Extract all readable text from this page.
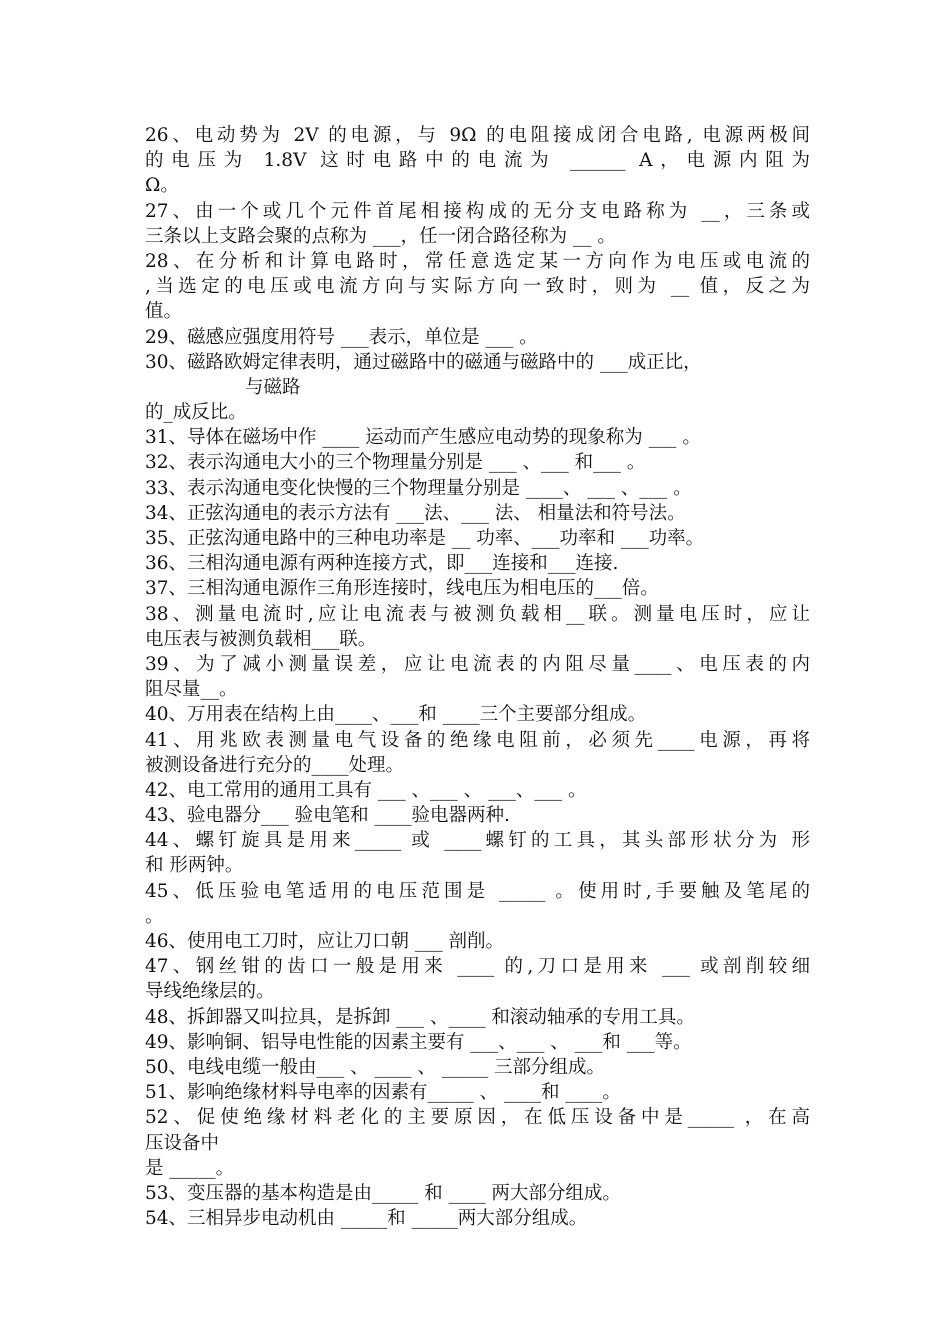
26、电动势为 2V 的电源，与 9Ω 的电阻接成闭合电路, 电源两极间
的电压为 1.8V 这时电路中的电流为 ______ A，电源内阻为
Ω。
27、由一个或几个元件首尾相接构成的无分支电路称为 __，三条或
三条以上支路会聚的点称为 ___，任一闭合路径称为 __ 。
28、在分析和计算电路时，常任意选定某一方向作为电压或电流的
,当选定的电压或电流方向与实际方向一致时，则为 __ 值，反之为
值。
29、磁感应强度用符号 ___表示，单位是 ___ 。
30、磁路欧姆定律表明，通过磁路中的磁通与磁路中的 ___成正比，
与磁路
的_成反比。
31、导体在磁场中作 ____ 运动而产生感应电动势的现象称为 ___ 。
32、表示沟通电大小的三个物理量分别是 ___ 、___ 和___ 。
33、表示沟通电变化快慢的三个物理量分别是 ____、 ___ 、___ 。
34、正弦沟通电的表示方法有 ___法、___ 法、 相量法和符号法。
35、正弦沟通电路中的三种电功率是 __ 功率、___功率和 ___功率。
36、三相沟通电源有两种连接方式，即___连接和___连接.
37、三相沟通电源作三角形连接时，线电压为相电压的___倍。
38、测量电流时,应让电流表与被测负载相__联。测量电压时，应让
电压表与被测负载相___联。
39、为了减小测量误差，应让电流表的内阻尽量____、电压表的内
阻尽量__。
40、万用表在结构上由____、___和 ____三个主要部分组成。
41、用兆欧表测量电气设备的绝缘电阻前，必须先____电源，再将
被测设备进行充分的____处理。
42、电工常用的通用工具有 ___ 、___ 、 ___、___ 。
43、验电器分___ 验电笔和 ____验电器两种.
44、螺钉旋具是用来_____ 或 ____螺钉的工具，其头部形状分为 形
和 形两钟。
45、低压验电笔适用的电压范围是 _____ 。使用时,手要触及笔尾的
。
46、使用电工刀时，应让刀口朝 ___ 剖削。
47、钢丝钳的齿口一般是用来 ____ 的,刀口是用来 ___ 或剖削较细
导线绝缘层的。
48、拆卸器又叫拉具，是拆卸 ___ 、____ 和滚动轴承的专用工具。
49、影响铜、铝导电性能的因素主要有 ___、___ 、 ___和 ___等。
50、电线电缆一般由___ 、 ____ 、 _____ 三部分组成。
51、影响绝缘材料导电率的因素有_____ 、 ____和 ____。
52、促使绝缘材料老化的主要原因，在低压设备中是_____ ，在高
压设备中
是 _____。
53、变压器的基本构造是由_____ 和 ____ 两大部分组成。
54、三相异步电动机由 _____和 _____两大部分组成。
